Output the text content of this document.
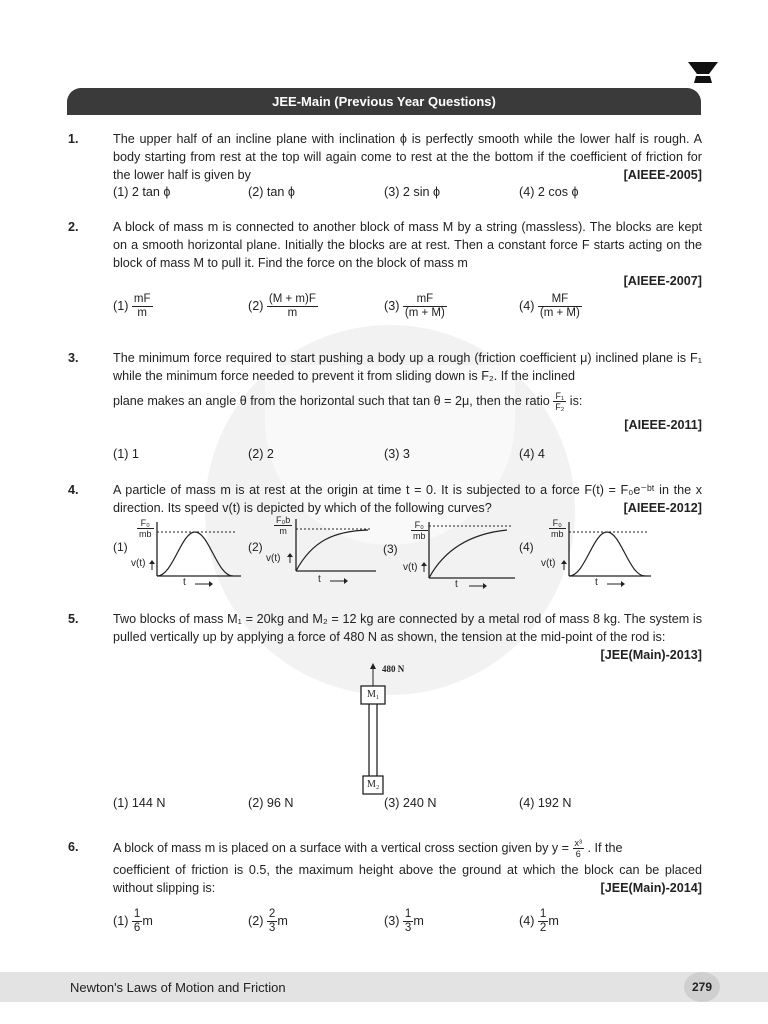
JEE-Main (Previous Year Questions)
1.	The upper half of an incline plane with inclination ϕ is perfectly smooth while the lower half is rough. A body starting from rest at the top will again come to rest at the the bottom if the coefficient of friction for the lower half is given by	[AIEEE-2005]
(1) 2 tan ϕ	(2) tan ϕ	(3) 2 sin ϕ	(4) 2 cos ϕ
2.	A block of mass m is connected to another block of mass M by a string (massless). The blocks are kept on a smooth horizontal plane. Initially the blocks are at rest. Then a constant force F starts acting on the block of mass M to pull it. Find the force on the block of mass m
[AIEEE-2007]
$(1) \frac{mF}{m}$	$(2) \frac{(M + m)F}{m}$	$(3) \frac{mF}{(m + M)}$	$(4) \frac{MF}{(m + M)}$
3.	The minimum force required to start pushing a body up a rough (friction coefficient μ) inclined plane is F₁ while the minimum force needed to prevent it from sliding down is F₂. If the inclined
plane makes an angle θ from the horizontal such that tan θ = 2μ, then the ratio $\frac{\text{F₁}}{\text{F₂}}$ is:
[AIEEE-2011]
(1) 1	(2) 2	(3) 3	(4) 4
4.	A particle of mass m is at rest at the origin at time t = 0. It is subjected to a force F(t) = F₀e⁻ᵇᵗ in the x direction. Its speed v(t) is depicted by which of the following curves?	[AIEEE-2012]
(1)
$\frac{\text{F₀}}{mb}$
v(t)
t
(2)
$\frac{\text{F₀b}}{m}$
v(t)
t
(3)
$\frac{\text{F₀}}{mb}$
v(t)
t
(4)
$\frac{\text{F₀}}{mb}$
v(t)
t
5.	Two blocks of mass M₁ = 20kg and M₂ = 12 kg are connected by a metal rod of mass 8 kg. The system is pulled vertically up by applying a force of 480 N as shown, the tension at the mid-point of the rod is:
[JEE(Main)-2013]
480 N
M₁
M₂
(1) 144 N	(2) 96 N	(3) 240 N	(4) 192 N
6.	A block of mass m is placed on a surface with a vertical cross section given by $y = \frac{\text{x³}}{6}$ . If the
coefficient of friction is 0.5, the maximum height above the ground at which the block can be placed without slipping is:	[JEE(Main)-2014]
$(1) \frac{1}{6}$ m	$(2) \frac{2}{3}$ m	$(3) \frac{1}{3}$ m	$(4) \frac{1}{2}$ m
Newton's Laws of Motion and Friction	279
